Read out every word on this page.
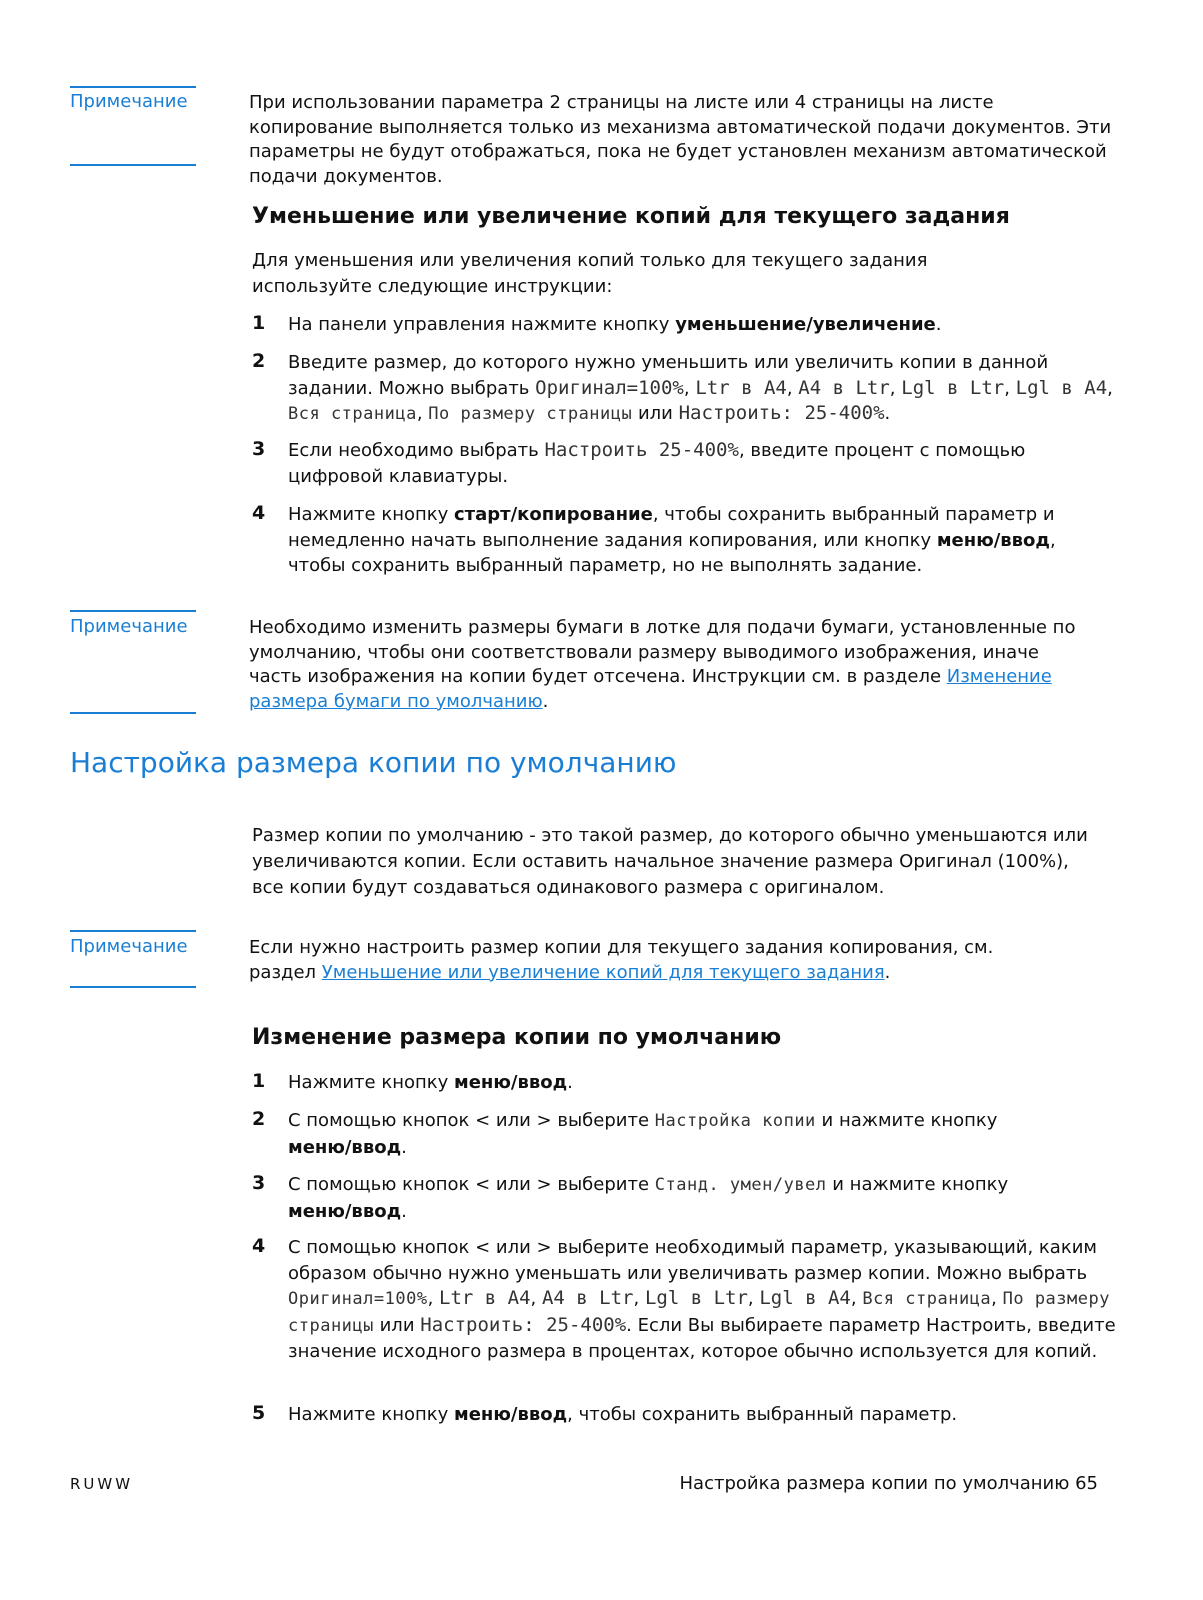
Примечание	При использовании параметра 2 страницы на листе или 4 страницы на листе копирование выполняется только из механизма автоматической подачи документов. Эти параметры не будут отображаться, пока не будет установлен механизм автоматической подачи документов.
Уменьшение или увеличение копий для текущего задания
Для уменьшения или увеличения копий только для текущего задания используйте следующие инструкции:
1 На панели управления нажмите кнопку уменьшение/увеличение.
2 Введите размер, до которого нужно уменьшить или увеличить копии в данной задании. Можно выбрать Оригинал=100%, Ltr в A4, A4 в Ltr, Lgl в Ltr, Lgl в A4, Вся страница, По размеру страницы или Настроить: 25-400%.
3 Если необходимо выбрать Настроить 25-400%, введите процент с помощью цифровой клавиатуры.
4 Нажмите кнопку старт/копирование, чтобы сохранить выбранный параметр и немедленно начать выполнение задания копирования, или кнопку меню/ввод, чтобы сохранить выбранный параметр, но не выполнять задание.
Примечание	Необходимо изменить размеры бумаги в лотке для подачи бумаги, установленные по умолчанию, чтобы они соответствовали размеру выводимого изображения, иначе часть изображения на копии будет отсечена. Инструкции см. в разделе Изменение размера бумаги по умолчанию.
Настройка размера копии по умолчанию
Размер копии по умолчанию - это такой размер, до которого обычно уменьшаются или увеличиваются копии. Если оставить начальное значение размера Оригинал (100%), все копии будут создаваться одинакового размера с оригиналом.
Примечание	Если нужно настроить размер копии для текущего задания копирования, см. раздел Уменьшение или увеличение копий для текущего задания.
Изменение размера копии по умолчанию
1 Нажмите кнопку меню/ввод.
2 С помощью кнопок < или > выберите Настройка копии и нажмите кнопку меню/ввод.
3 С помощью кнопок < или > выберите Станд. умен/увел и нажмите кнопку меню/ввод.
4 С помощью кнопок < или > выберите необходимый параметр, указывающий, каким образом обычно нужно уменьшать или увеличивать размер копии. Можно выбрать Оригинал=100%, Ltr в A4, A4 в Ltr, Lgl в Ltr, Lgl в A4, Вся страница, По размеру страницы или Настроить: 25-400%. Если Вы выбираете параметр Настроить, введите значение исходного размера в процентах, которое обычно используется для копий.
5 Нажмите кнопку меню/ввод, чтобы сохранить выбранный параметр.
RUWW	Настройка размера копии по умолчанию 65
